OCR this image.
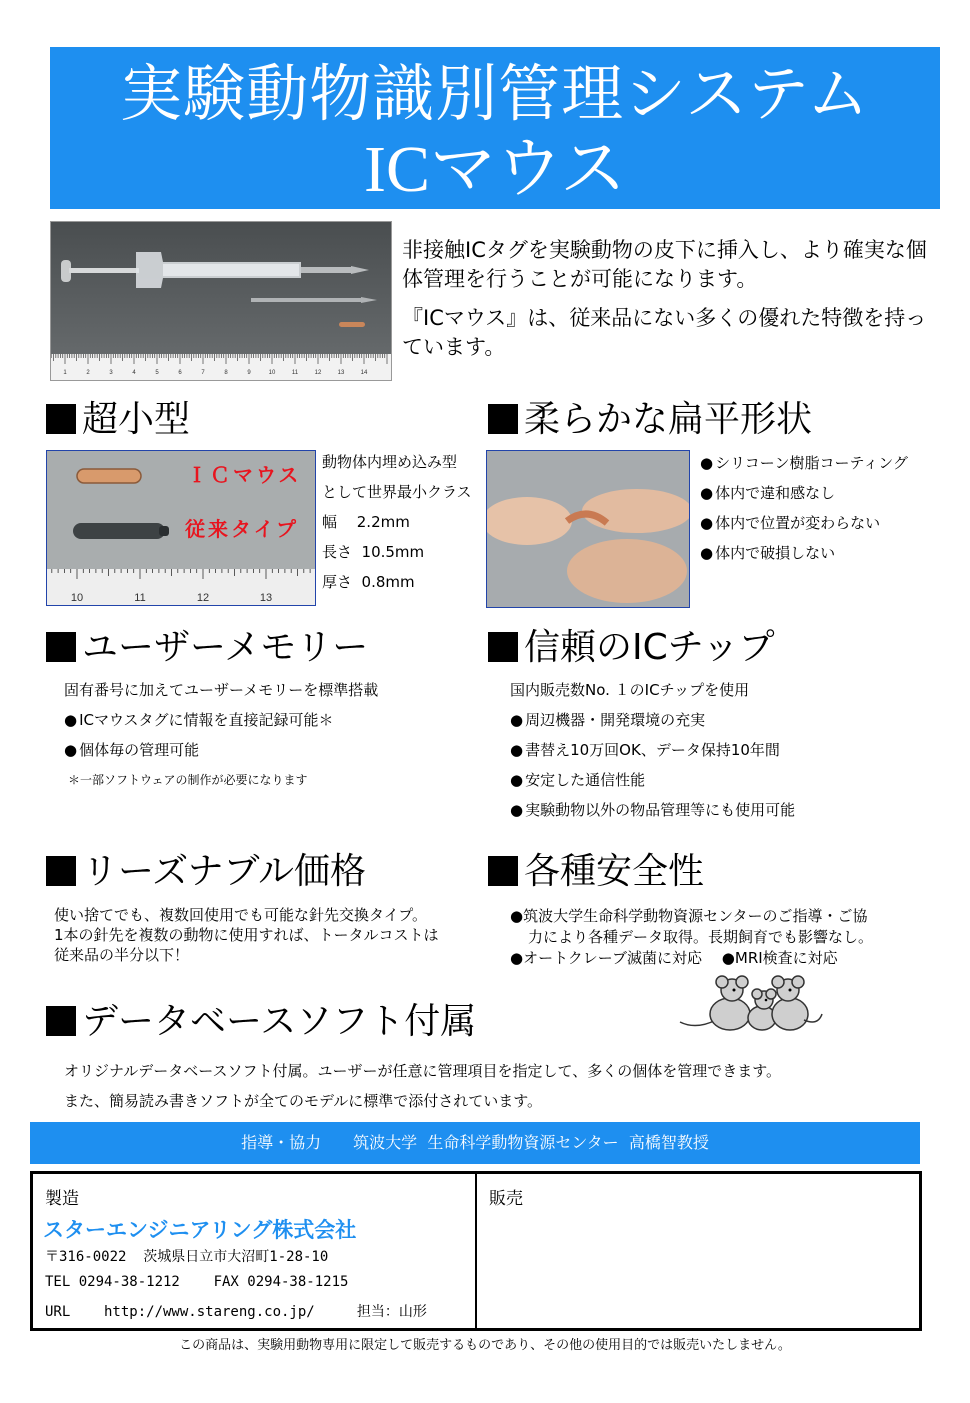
実験動物識別管理システム
ICマウス
1	2	3	4	5	6	7	8	9	10	11	12	13	14

非接触ICタグを実験動物の皮下に挿入し、より確実な個体管理を行うことが可能になります。

『ICマウス』は、従来品にない多くの優れた特徴を持っています。

超小型
10	11	12	13
ＩＣマウス
従来タイプ
動物体内埋め込み型
として世界最小クラス
幅　 2.2mm
長さ  10.5mm
厚さ  0.8mm
柔らかな扁平形状
● シリコーン樹脂コーティング
● 体内で違和感なし
● 体内で位置が変わらない
● 体内で破損しない
ユーザーメモリー
固有番号に加えてユーザーメモリーを標準搭載
● ICマウスタグに情報を直接記録可能＊
● 個体毎の管理可能
＊一部ソフトウェアの制作が必要になります
信頼のICチップ
国内販売数No. １のICチップを使用
● 周辺機器・開発環境の充実
● 書替え10万回OK、データ保持10年間
● 安定した通信性能
● 実験動物以外の物品管理等にも使用可能
リーズナブル価格
使い捨てでも、複数回使用でも可能な針先交換タイプ。
1本の針先を複数の動物に使用すれば、トータルコストは
従来品の半分以下！
各種安全性
●筑波大学生命科学動物資源センターのご指導・ご協
力により各種データ取得。長期飼育でも影響なし。
●オートクレーブ滅菌に対応　 ●MRI検査に対応
データベースソフト付属
オリジナルデータベースソフト付属。ユーザーが任意に管理項目を指定して、多くの個体を管理できます。
また、簡易読み書きソフトが全てのモデルに標準で添付されています。
指導・協力　　筑波大学  生命科学動物資源センター  高橋智教授
製造
スターエンジニアリング株式会社
〒316-0022  茨城県日立市大沼町1-28-10
TEL 0294-38-1212    FAX 0294-38-1215
URL    http://www.stareng.co.jp/     担当：山形
販売
この商品は、実験用動物専用に限定して販売するものであり、その他の使用目的では販売いたしません。
